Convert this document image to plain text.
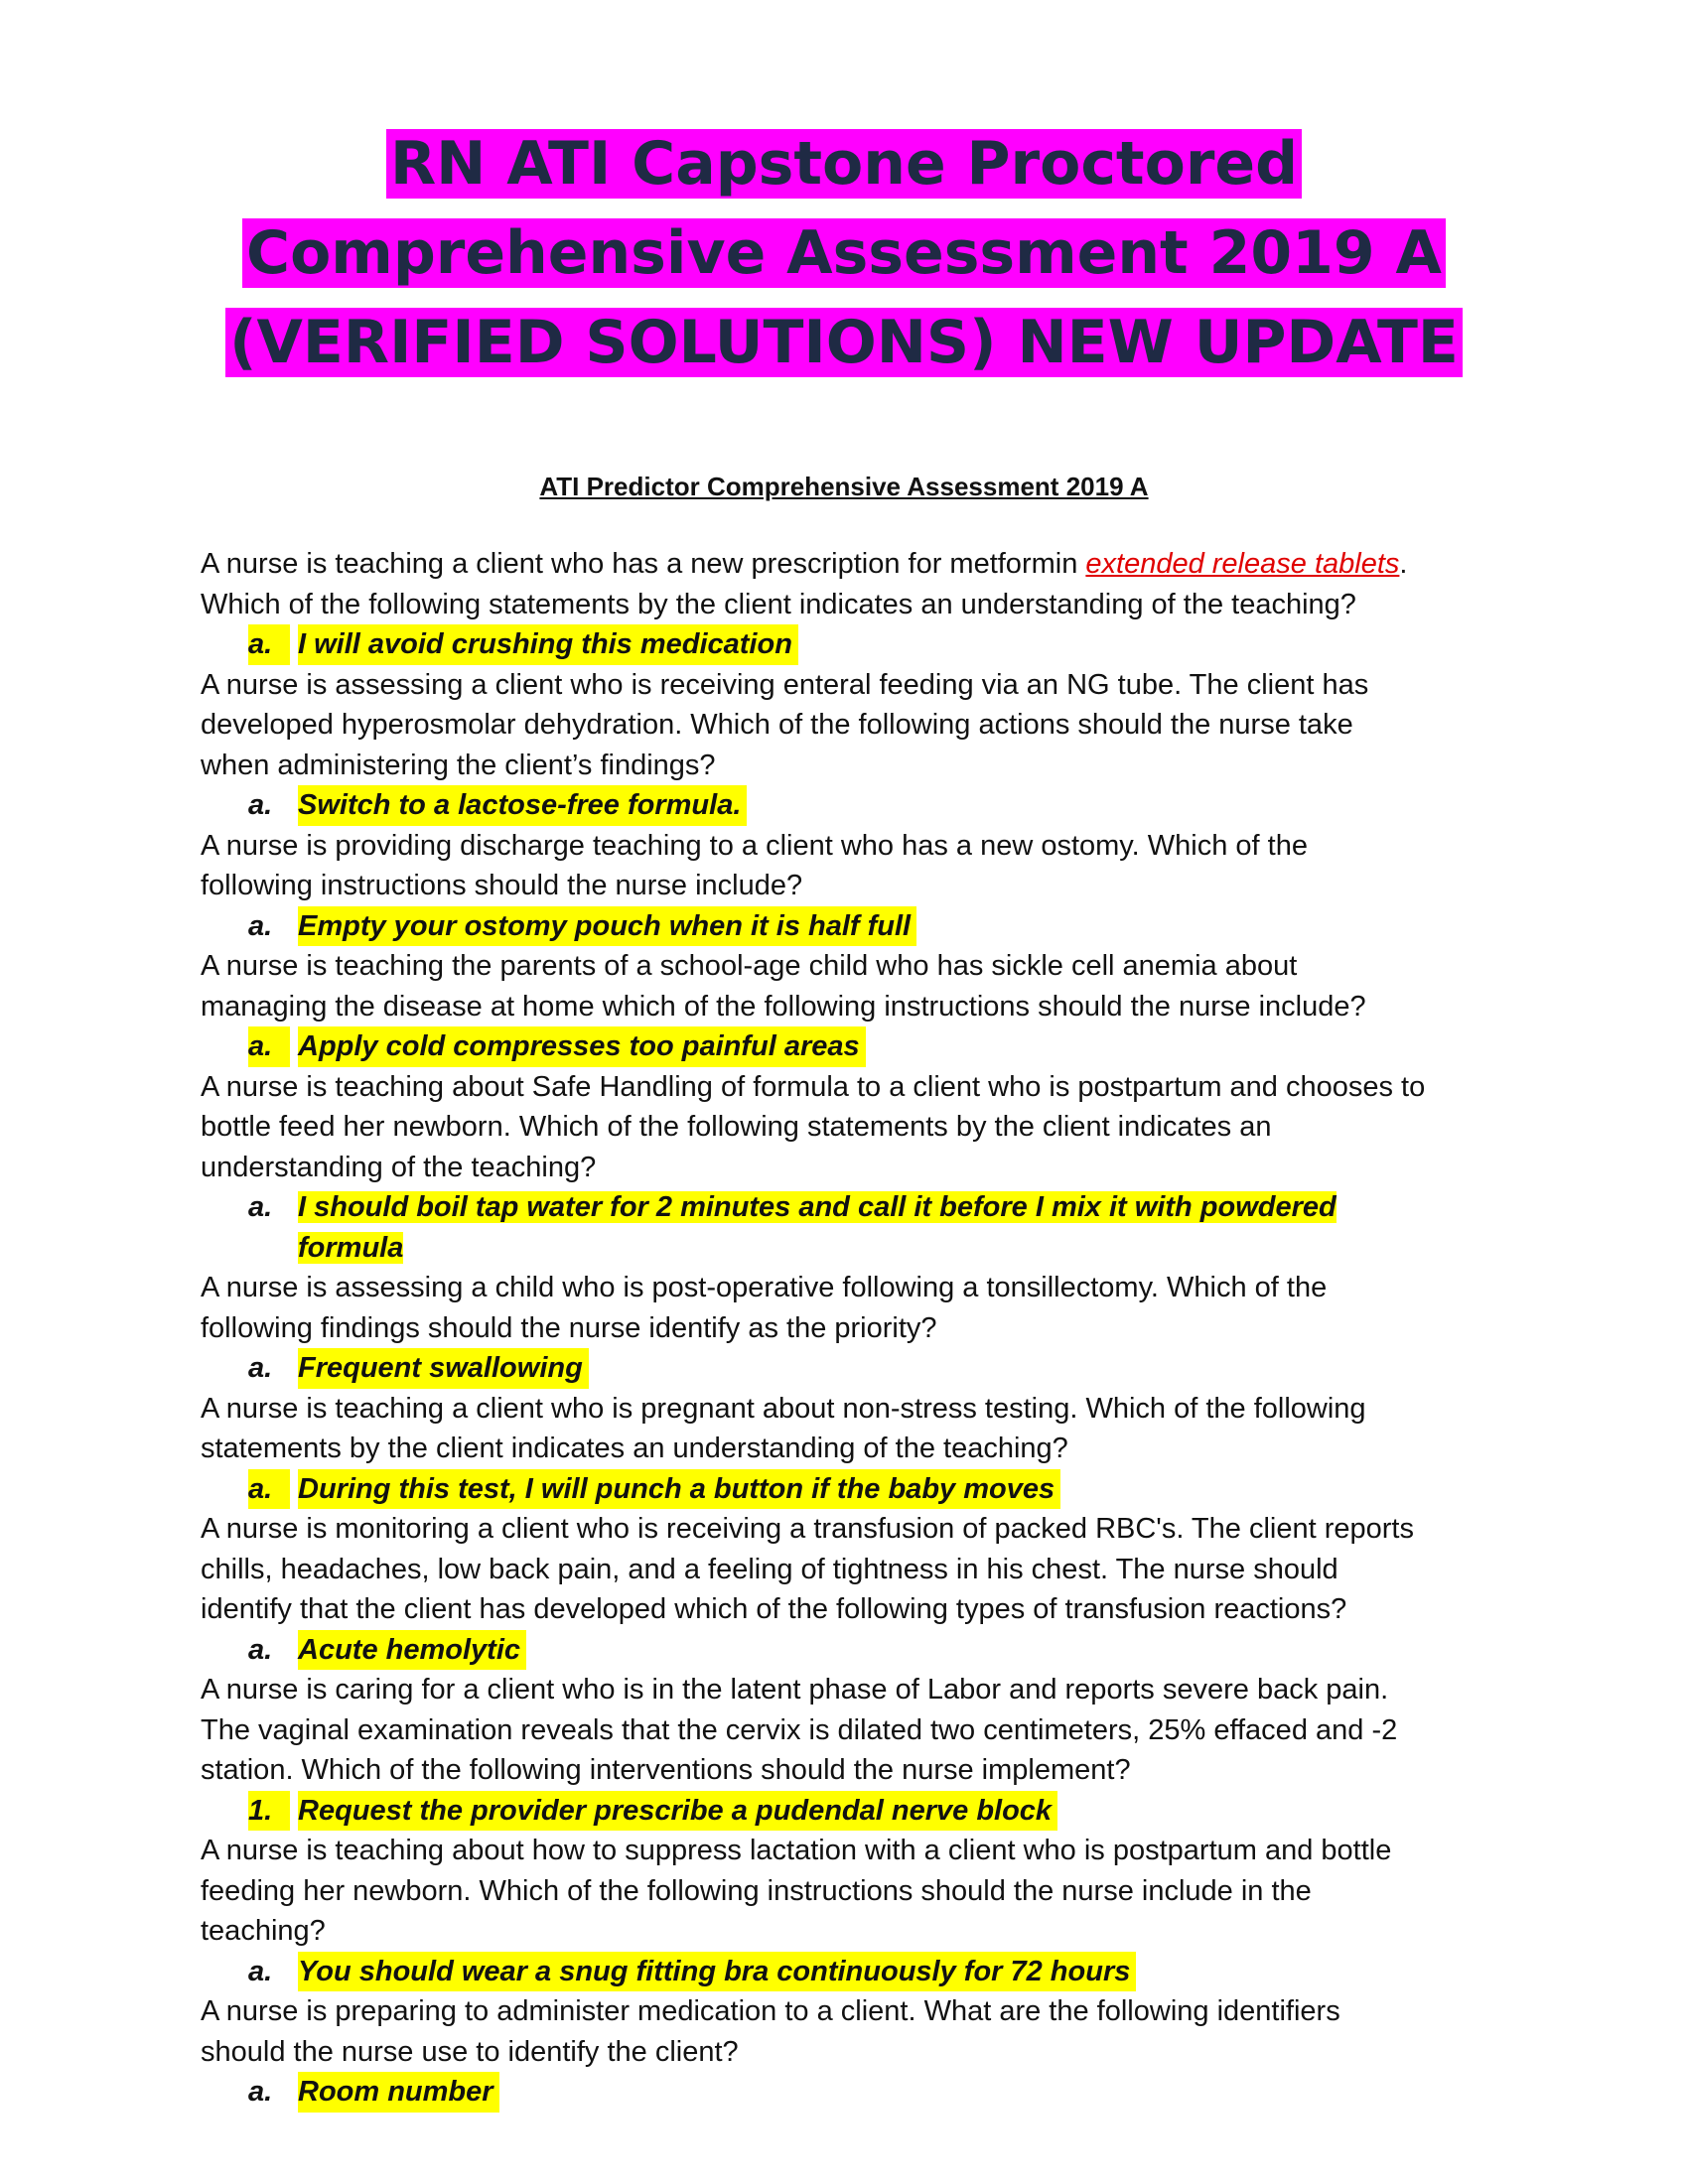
RN ATI Capstone Proctored
Comprehensive Assessment 2019 A
(VERIFIED SOLUTIONS) NEW UPDATE
ATI Predictor Comprehensive Assessment 2019 A

A nurse is teaching a client who has a new prescription for metformin extended release tablets.

Which of the following statements by the client indicates an understanding of the teaching?

a. I will avoid crushing this medication

A nurse is assessing a client who is receiving enteral feeding via an NG tube. The client has

developed hyperosmolar dehydration. Which of the following actions should the nurse take

when administering the client’s findings?

a. Switch to a lactose-free formula.

A nurse is providing discharge teaching to a client who has a new ostomy. Which of the

following instructions should the nurse include?

a. Empty your ostomy pouch when it is half full

A nurse is teaching the parents of a school-age child who has sickle cell anemia about

managing the disease at home which of the following instructions should the nurse include?

a. Apply cold compresses too painful areas

A nurse is teaching about Safe Handling of formula to a client who is postpartum and chooses to

bottle feed her newborn. Which of the following statements by the client indicates an

understanding of the teaching?

a. I should boil tap water for 2 minutes and call it before I mix it with powdered
formula

A nurse is assessing a child who is post-operative following a tonsillectomy. Which of the

following findings should the nurse identify as the priority?

a. Frequent swallowing

A nurse is teaching a client who is pregnant about non-stress testing. Which of the following

statements by the client indicates an understanding of the teaching?

a. During this test, I will punch a button if the baby moves

A nurse is monitoring a client who is receiving a transfusion of packed RBC's. The client reports

chills, headaches, low back pain, and a feeling of tightness in his chest. The nurse should

identify that the client has developed which of the following types of transfusion reactions?

a. Acute hemolytic

A nurse is caring for a client who is in the latent phase of Labor and reports severe back pain.

The vaginal examination reveals that the cervix is dilated two centimeters, 25% effaced and -2

station. Which of the following interventions should the nurse implement?

1. Request the provider prescribe a pudendal nerve block

A nurse is teaching about how to suppress lactation with a client who is postpartum and bottle

feeding her newborn. Which of the following instructions should the nurse include in the

teaching?

a. You should wear a snug fitting bra continuously for 72 hours

A nurse is preparing to administer medication to a client. What are the following identifiers

should the nurse use to identify the client?

a. Room number
